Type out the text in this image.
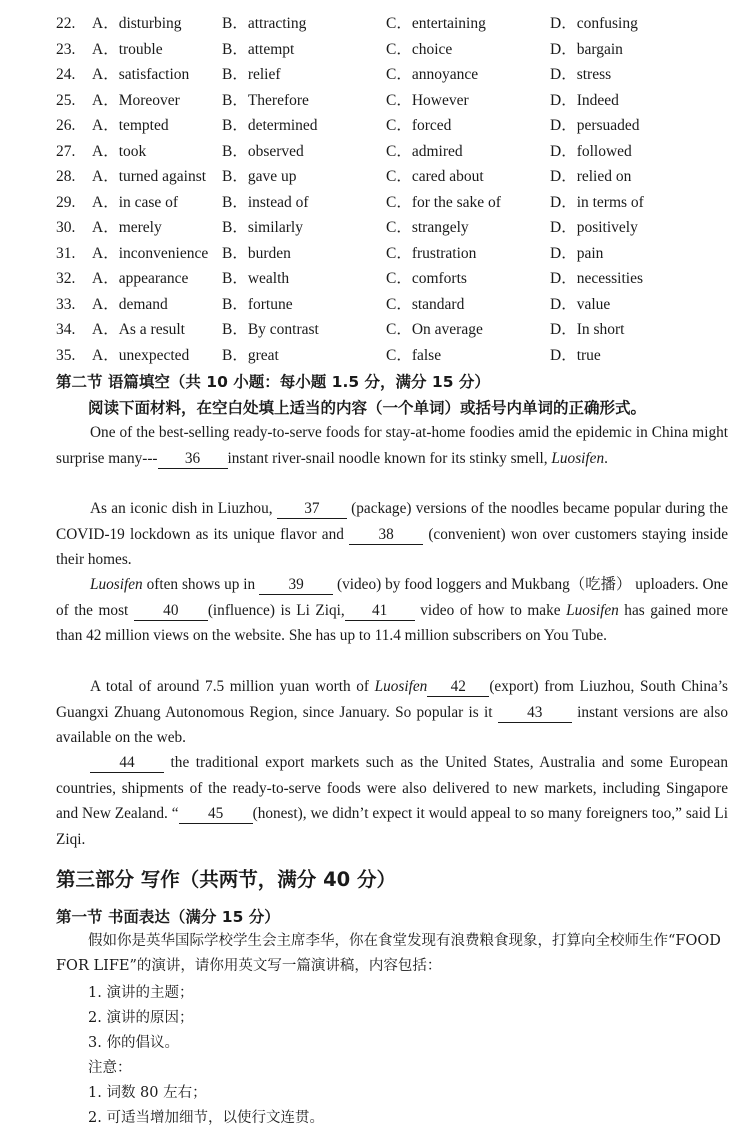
22. A．disturbing	B．attracting	C．entertaining	D．confusing
23. A．trouble	B．attempt	C．choice	D．bargain
24. A．satisfaction B．relief	C．annoyance	D．stress
25. A．Moreover	B．Therefore	C．However	D．Indeed
26. A．tempted	B．determined	C．forced	D．persuaded
27. A．took	B．observed	C．admired	D．followed
28. A．turned against B．gave up	C．cared about	D．relied on
29. A．in case of	B．instead of	C．for the sake of	D．in terms of
30. A．merely	B．similarly	C．strangely	D．positively
31. A．inconvenience B．burden	C．frustration	D．pain
32. A．appearance B．wealth	C．comforts	D．necessities
33. A．demand	B．fortune	C．standard	D．value
34. A．As a result B．By contrast	C．On average	D．In short
35. A．unexpected B．great	C．false	D．true
第二节 语篇填空（共 10 小题：每小题 1.5 分，满分 15 分）
阅读下面材料，在空白处填上适当的内容（一个单词）或括号内单词的正确形式。

One of the best-selling ready-to-serve foods for stay-at-home foodies amid the epidemic in China might surprise many--- 36 instant river-snail noodle known for its stinky smell, Luosifen.

As an iconic dish in Liuzhou, 37 (package) versions of the noodles became popular during the COVID-19 lockdown as its unique flavor and 38 (convenient) won over customers staying inside their homes.

Luosifen often shows up in 39 (video) by food loggers and Mukbang（吃播） uploaders. One of the most 40 (influence) is Li Ziqi, 41 video of how to make Luosifen has gained more than 42 million views on the website. She has up to 11.4 million subscribers on You Tube.

A total of around 7.5 million yuan worth of Luosifen 42 (export) from Liuzhou, South China’s Guangxi Zhuang Autonomous Region, since January. So popular is it 43 instant versions are also available on the web.

44 the traditional export markets such as the United States, Australia and some European countries, shipments of the ready-to-serve foods were also delivered to new markets, including Singapore and New Zealand. “ 45 (honest), we didn’t expect it would appeal to so many foreigners too,” said Li Ziqi.

第三部分 写作（共两节，满分 40 分）
第一节 书面表达（满分 15 分）
假如你是英华国际学校学生会主席李华，你在食堂发现有浪费粮食现象，打算向全校师生作“FOOD FOR LIFE”的演讲，请你用英文写一篇演讲稿，内容包括：
1. 演讲的主题；
2. 演讲的原因；
3. 你的倡议。
注意：
1. 词数 80 左右；
2. 可适当增加细节，以使行文连贯。
